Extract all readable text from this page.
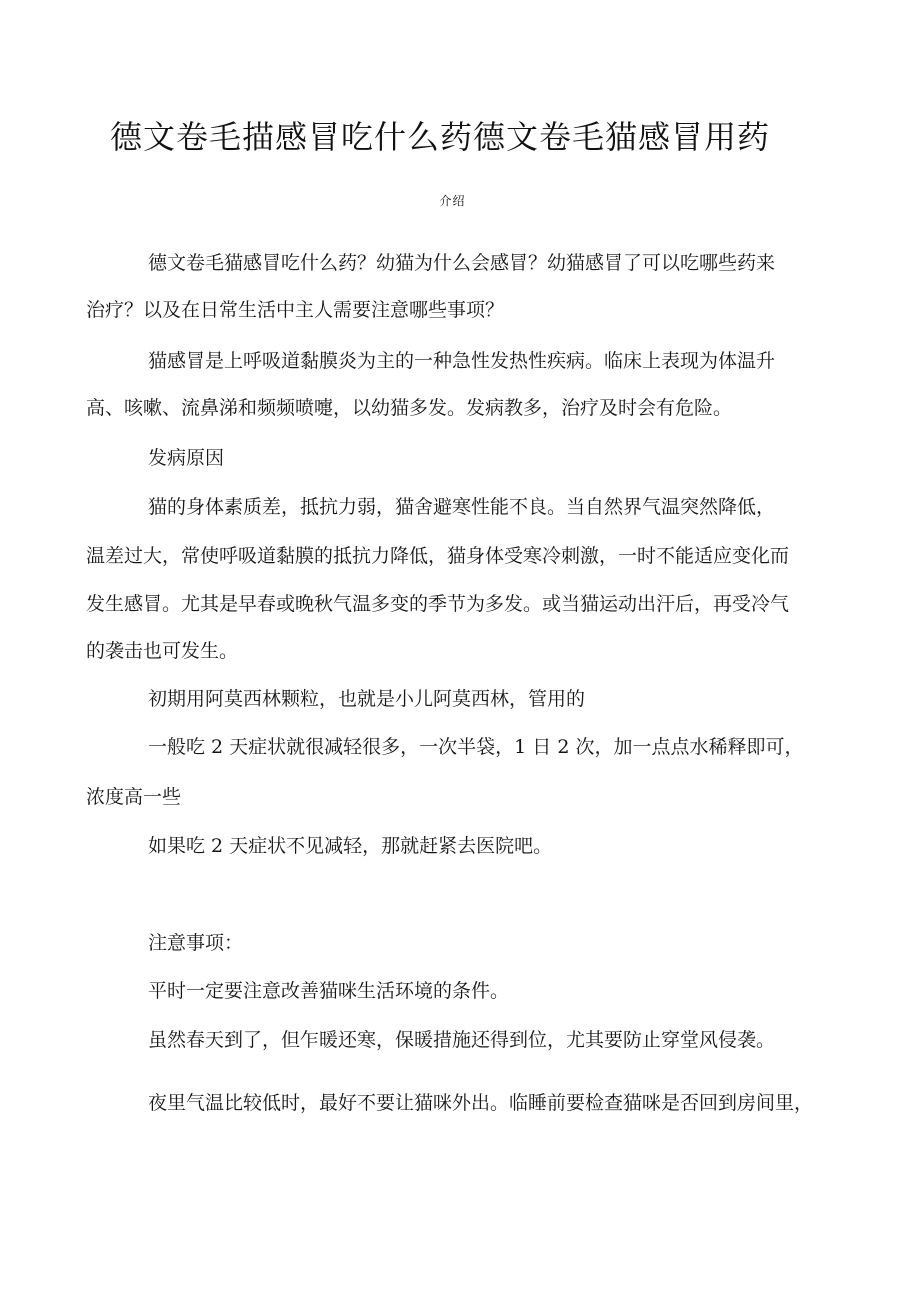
德文卷毛描感冒吃什么药德文卷毛猫感冒用药
介绍

德文卷毛猫感冒吃什么药？幼猫为什么会感冒？幼猫感冒了可以吃哪些药来

治疗？以及在日常生活中主人需要注意哪些事项？

猫感冒是上呼吸道黏膜炎为主的一种急性发热性疾病。临床上表现为体温升

高、咳嗽、流鼻涕和频频喷嚏，以幼猫多发。发病教多，治疗及时会有危险。

发病原因

猫的身体素质差，抵抗力弱，猫舍避寒性能不良。当自然界气温突然降低，

温差过大，常使呼吸道黏膜的抵抗力降低，猫身体受寒冷刺激，一时不能适应变化而

发生感冒。尤其是早春或晚秋气温多变的季节为多发。或当猫运动出汗后，再受冷气

的袭击也可发生。

初期用阿莫西林颗粒，也就是小儿阿莫西林，管用的

一般吃 2 天症状就很减轻很多，一次半袋，1 日 2 次，加一点点水稀释即可，

浓度高一些

如果吃 2 天症状不见减轻，那就赶紧去医院吧。

注意事项：

平时一定要注意改善猫咪生活环境的条件。

虽然春天到了，但乍暖还寒，保暖措施还得到位，尤其要防止穿堂风侵袭。

夜里气温比较低时，最好不要让猫咪外出。临睡前要检查猫咪是否回到房间里，
